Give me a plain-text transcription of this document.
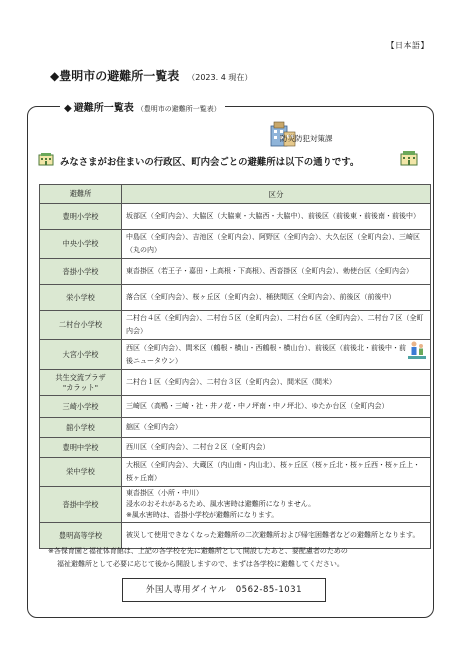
【日本語】
◆豊明市の避難所一覧表 （2023. 4 現在）
◆ 避難所一覧表 （豊明市の避難所一覧表）
防災防犯対策課
みなさまがお住まいの行政区、町内会ごとの避難所は以下の通りです。
避難所	区分
豊明小学校	坂部区（全町内会）、大脇区（大脇東・大脇西・大脇中）、前後区（前後東・前後南・前後中）
中央小学校	中島区（全町内会）、吉池区（全町内会）、阿野区（全町内会）、大久伝区（全町内会）、三崎区（丸の内）
沓掛小学校	東沓掛区（若王子・嘉田・上高根・下高根）、西沓掛区（全町内会）、勅使台区（全町内会）
栄小学校	落合区（全町内会）、桜ヶ丘区（全町内会）、桶狭間区（全町内会）、前後区（前後中）
二村台小学校	二村台４区（全町内会）、二村台５区（全町内会）、二村台６区（全町内会）、二村台７区（全町内会）
大宮小学校	西区（全町内会）、間米区（鶴根・横山・西鶴根・横山台）、前後区（前後北・前後中・前後ニュータウン）
共生交流プラザ
"カラット"	二村台１区（全町内会）、二村台３区（全町内会）、間米区（間米）
三崎小学校	三崎区（高鴨・三崎・社・井ノ花・中ノ坪南・中ノ坪北）、ゆたか台区（全町内会）
舘小学校	舘区（全町内会）
豊明中学校	西川区（全町内会）、二村台２区（全町内会）
栄中学校	大根区（全町内会）、大蔵区（内山南・内山北）、桜ヶ丘区（桜ヶ丘北・桜ヶ丘西・桜ヶ丘上・桜ヶ丘南）
沓掛中学校	東沓掛区（小所・中川）
浸水のおそれがあるため、風水害時は避難所になりません。
※風水害時は、沓掛小学校が避難所になります。
豊明高等学校	被災して使用できなくなった避難所の二次避難所および帰宅困難者などの避難所となります。
※各保育園と福祉体育館は、上記の各学校を先に避難所として開設したあと、要配慮者のための
福祉避難所として必要に応じて後から開設しますので、まずは各学校に避難してください。
外国人専用ダイヤル　0562-85-1031
